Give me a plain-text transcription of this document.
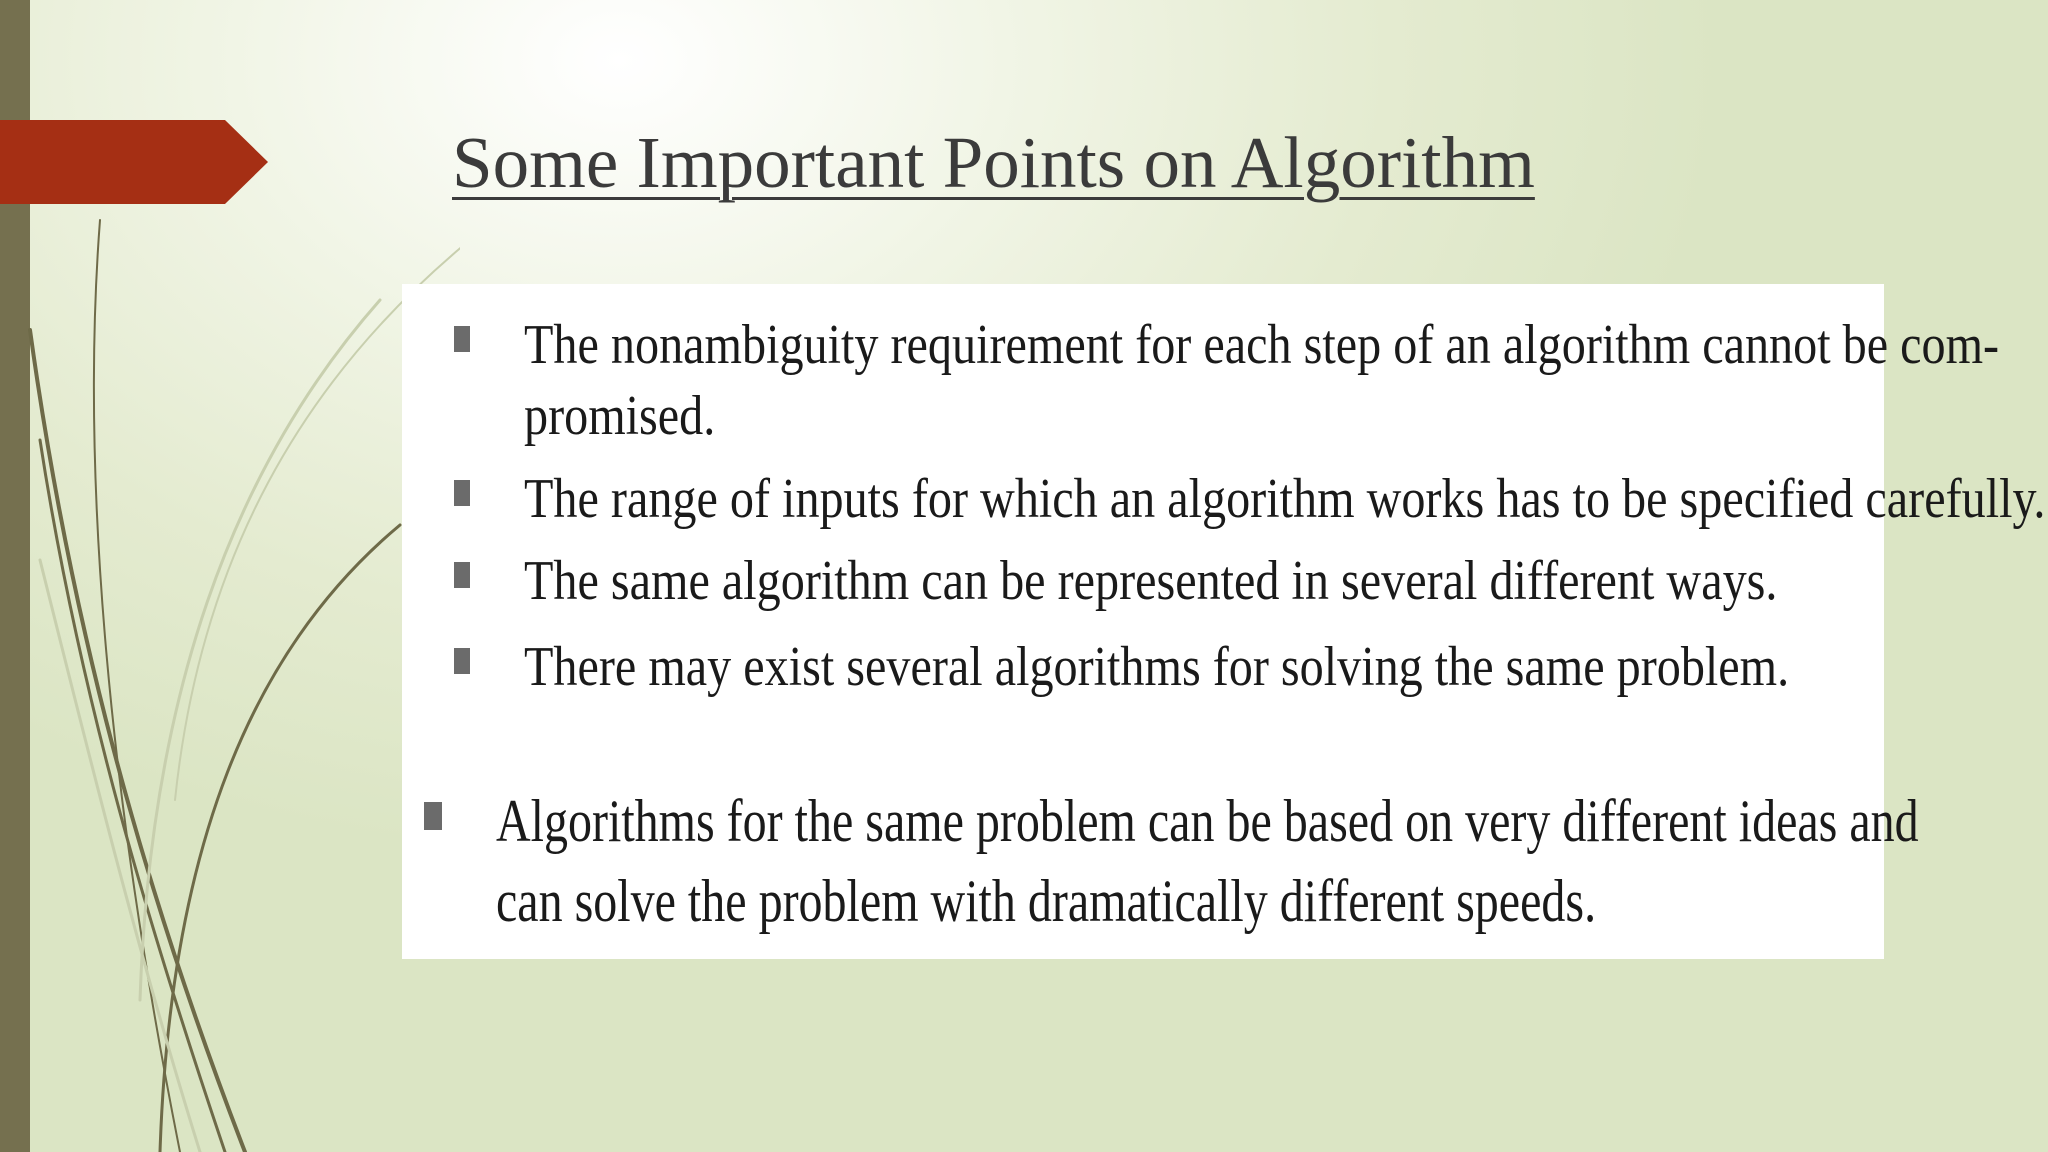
Some Important Points on Algorithm
The nonambiguity requirement for each step of an algorithm cannot be com-
promised.
The range of inputs for which an algorithm works has to be specified carefully.
The same algorithm can be represented in several different ways.
There may exist several algorithms for solving the same problem.
Algorithms for the same problem can be based on very different ideas and
can solve the problem with dramatically different speeds.
